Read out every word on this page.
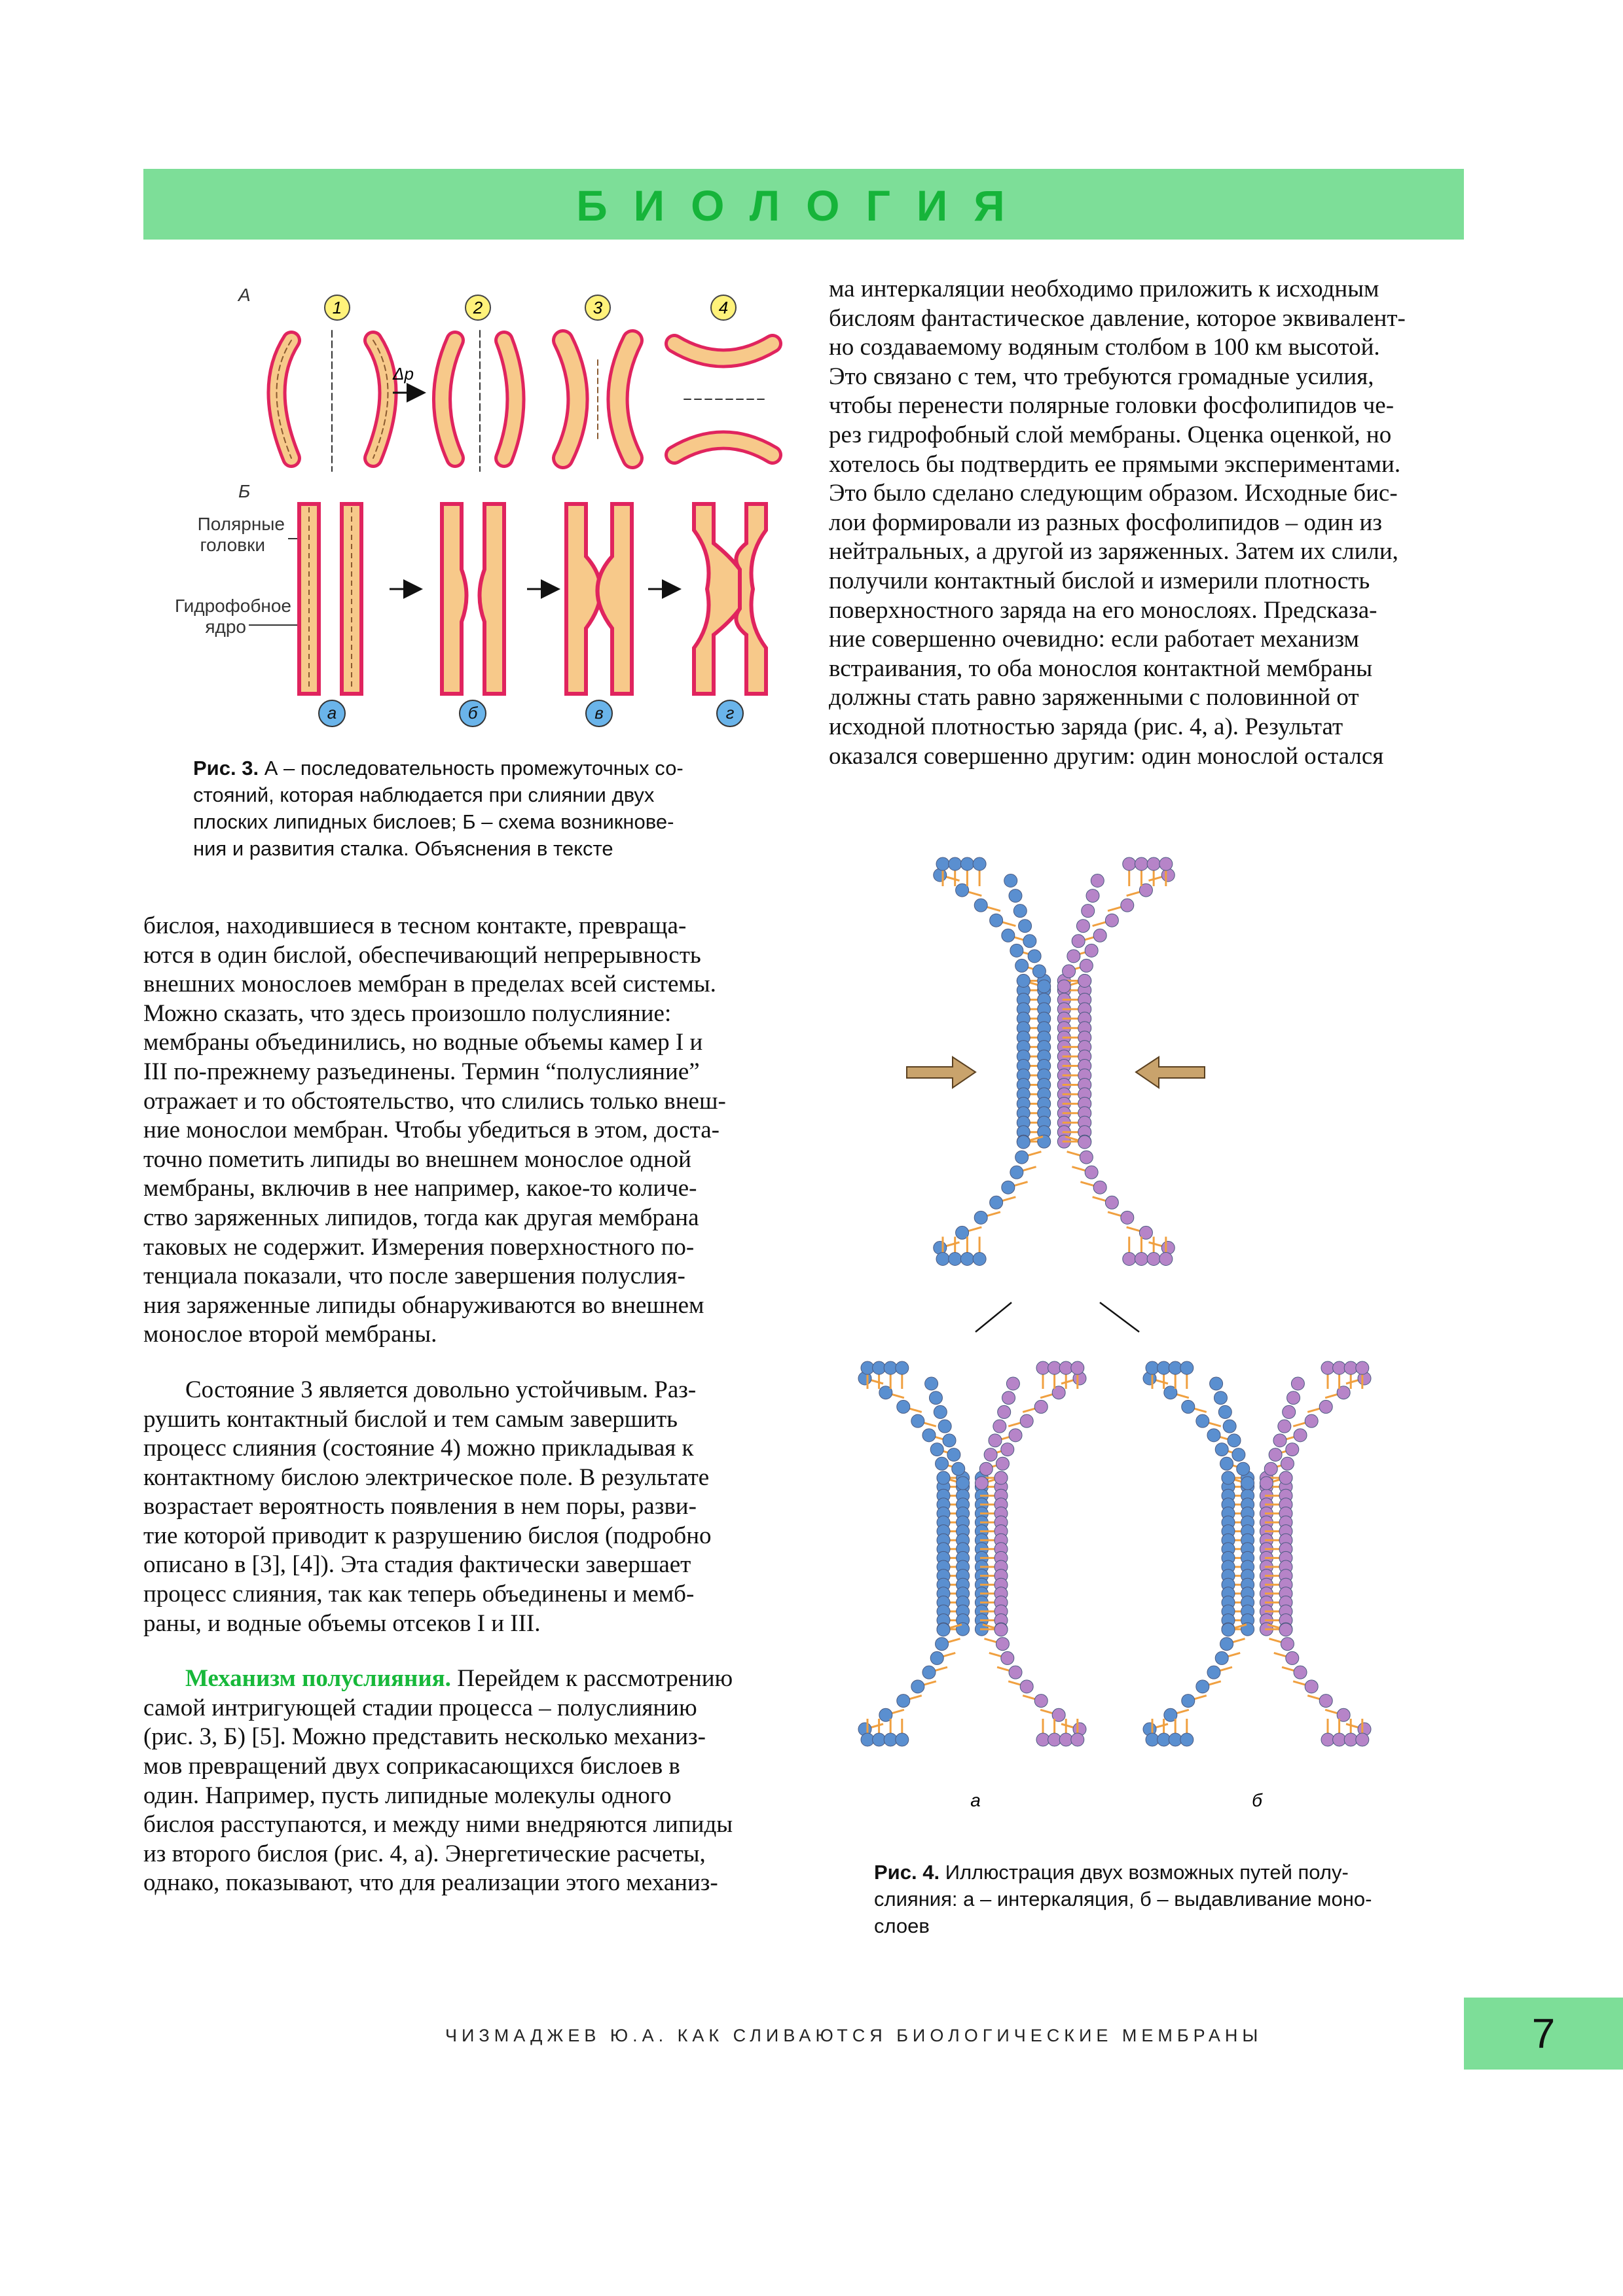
БИОЛОГИЯ
А
1	2	3	4
Δp
Б
Полярные
головки
Гидрофобное
ядро
а	б	в	г
Рис. 3. А – последовательность промежуточных со-
стояний, которая наблюдается при слиянии двух
плоских липидных бислоев; Б – схема возникнове-
ния и развития сталка. Объяснения в тексте

ма интеркаляции необходимо приложить к исходным

бислоям фантастическое давление, которое эквивалент-

но создаваемому водяным столбом в 100 км высотой.

Это связано с тем, что требуются громадные усилия,

чтобы перенести полярные головки фосфолипидов че-

рез гидрофобный слой мембраны. Оценка оценкой, но

хотелось бы подтвердить ее прямыми экспериментами.

Это было сделано следующим образом. Исходные бис-

лои формировали из разных фосфолипидов – один из

нейтральных, а другой из заряженных. Затем их слили,

получили контактный бислой и измерили плотность

поверхностного заряда на его монослоях. Предсказа-

ние совершенно очевидно: если работает механизм

встраивания, то оба монослоя контактной мембраны

должны стать равно заряженными с половинной от

исходной плотностью заряда (рис. 4, а). Результат

оказался совершенно другим: один монослой остался

а	б
Рис. 4. Иллюстрация двух возможных путей полу-
слияния: а – интеркаляция, б – выдавливание моно-
слоев

бислоя, находившиеся в тесном контакте, превраща-

ются в один бислой, обеспечивающий непрерывность

внешних монослоев мембран в пределах всей системы.

Можно сказать, что здесь произошло полуслияние:

мембраны объединились, но водные объемы камер I и

III по-прежнему разъединены. Термин “полуслияние”

отражает и то обстоятельство, что слились только внеш-

ние монослои мембран. Чтобы убедиться в этом, доста-

точно пометить липиды во внешнем монослое одной

мембраны, включив в нее например, какое-то количе-

ство заряженных липидов, тогда как другая мембрана

таковых не содержит. Измерения поверхностного по-

тенциала показали, что после завершения полуслия-

ния заряженные липиды обнаруживаются во внешнем

монослое второй мембраны.

Состояние 3 является довольно устойчивым. Раз-

рушить контактный бислой и тем самым завершить

процесс слияния (состояние 4) можно прикладывая к

контактному бислою электрическое поле. В результате

возрастает вероятность появления в нем поры, разви-

тие которой приводит к разрушению бислоя (подробно

описано в [3], [4]). Эта стадия фактически завершает

процесс слияния, так как теперь объединены и мемб-

раны, и водные объемы отсеков I и III.

Механизм полуслияния. Перейдем к рассмотрению

самой интригующей стадии процесса – полуслиянию

(рис. 3, Б) [5]. Можно представить несколько механиз-

мов превращений двух соприкасающихся бислоев в

один. Например, пусть липидные молекулы одного

бислоя расступаются, и между ними внедряются липиды

из второго бислоя (рис. 4, а). Энергетические расчеты,

однако, показывают, что для реализации этого механиз-

ЧИЗМАДЖЕВ Ю.А. КАК СЛИВАЮТСЯ БИОЛОГИЧЕСКИЕ МЕМБРАНЫ	7
